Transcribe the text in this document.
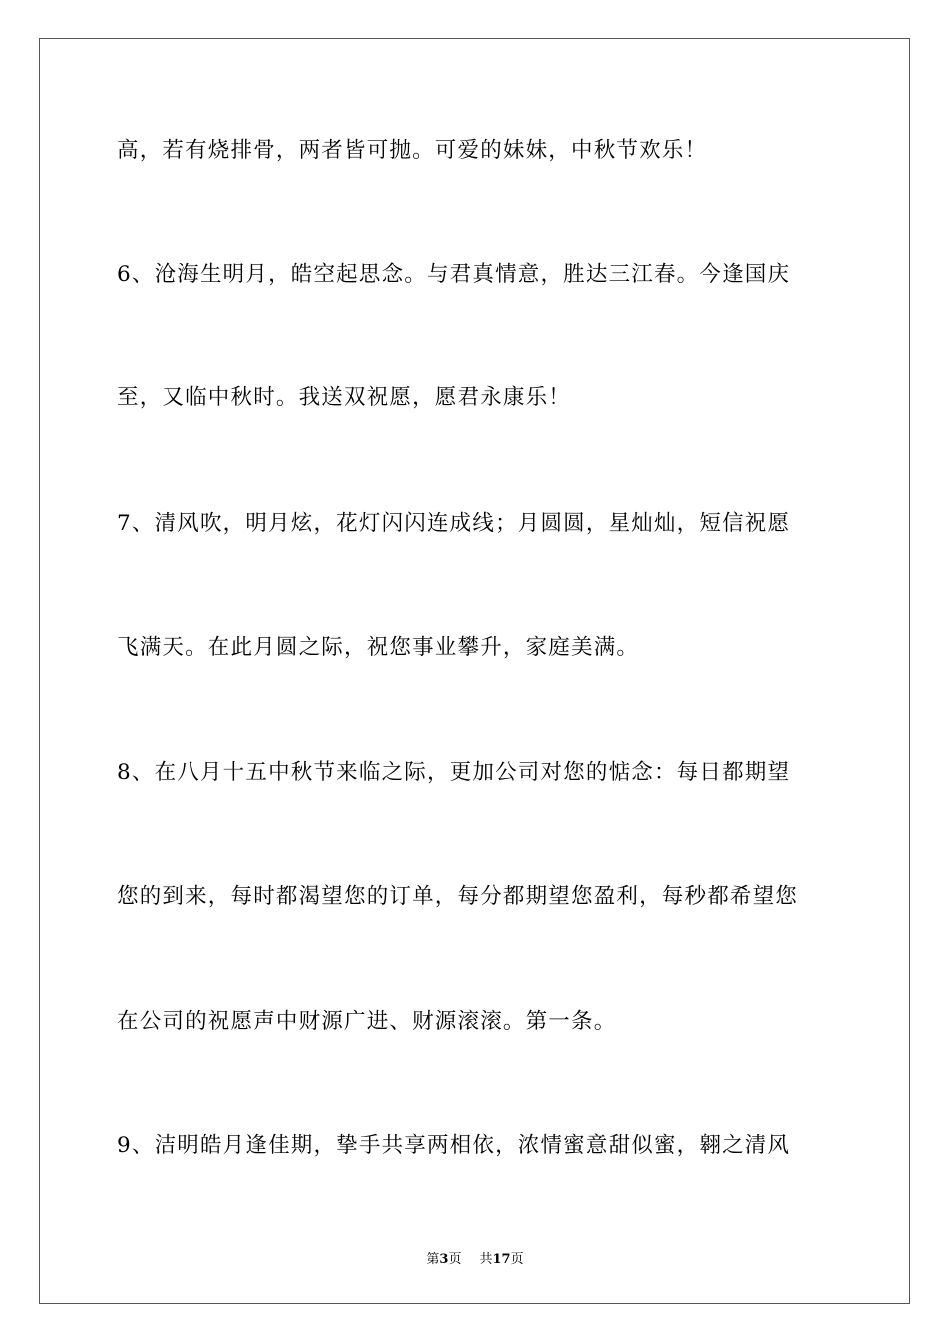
高，若有烧排骨，两者皆可抛。可爱的妹妹，中秋节欢乐！
6、沧海生明月，皓空起思念。与君真情意，胜达三江春。今逢国庆
至，又临中秋时。我送双祝愿，愿君永康乐！
7、清风吹，明月炫，花灯闪闪连成线；月圆圆，星灿灿，短信祝愿
飞满天。在此月圆之际，祝您事业攀升，家庭美满。
8、在八月十五中秋节来临之际，更加公司对您的惦念：每日都期望
您的到来，每时都渴望您的订单，每分都期望您盈利，每秒都希望您
在公司的祝愿声中财源广进、财源滚滚。第一条。
9、洁明皓月逢佳期，挚手共享两相依，浓情蜜意甜似蜜，翱之清风
第3页 共17页
